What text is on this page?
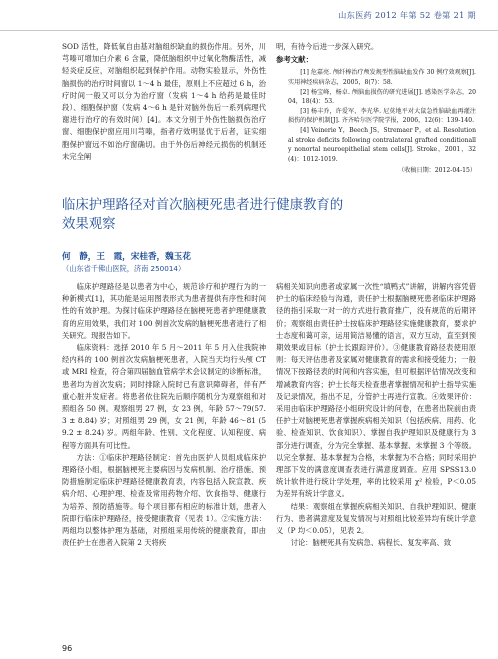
山东医药 2012 年第 52 卷第 21 期

SOD 活性，降低氧自由基对脑组织缺血的损伤作用。另外，川芎嗪可增加白介素 6 含量，降低脑组织中过氧化物酶活性，减轻炎症反应，对脑组织起到保护作用。动物实验显示，外伤性脑损伤的治疗时间窗以 1～4 h 最佳，原则上不应超过 6 h，治疗时间一般又可以分为治疗窗（发病 1～4 h 给药是最佳时段）、细胞保护窗（发病 4～6 h 是针对脑外伤后一系列病理代谢进行治疗的有效时间）[4]。本文分别于外伤性脑损伤治疗窗、细胞保护窗应用川芎嗪，指者疗效明显优于后者，证实细胞保护窗远不如治疗窗确切。由于外伤后神经元损伤的机制还未完全阐

明，有待今后进一步深入研究。

参考文献：

[1] 危嘉亮. 颅纤棒治疗颅发规型性脑缺血发作 30 例疗效观察[J]. 实用神经疾病杂志，2005，8(7)：58.

[2] 杨宝峰，杨卓. 颅脑血损伤的研究进展[J]. 感染医学杂志，2004，18(4)：53.

[3] 杨丰乔，许爱军，李光华. 尼莫地平对大鼠急性脑缺血再灌注损伤的保护机制[J]. 齐齐哈尔医学院学报，2006，12(6)：139-140.

[4] Veinerie Y，Beech JS，Stremaer P，et al. Resolutional stroke deficits following contralateral grafted conditionally nonortal neuroepithelial stem cells[J]. Stroke，2001，32(4)：1012-1019.

（收稿日期：2012-04-15）

临床护理路径对首次脑梗死患者进行健康教育的

效果观察

何　静，王　霞，宋桂香，魏玉花
（山东省千佛山医院，济南 250014）

临床护理路径是以患者为中心，规范诊疗和护理行为的一种新模式[1]，其功能是运用图表形式为患者提供有序性和时间性的有效护理。为探讨临床护理路径在脑梗死患者护理健康教育的应用效果，我们对 100 例首次发病的脑梗死患者进行了相关研究。现报告如下。

临床资料：选择 2010 年 5 月～2011 年 5 月入住我院神经内科的 100 例首次发病脑梗死患者，入院当天均行头颅 CT 或 MRI 检查，符合第四届脑血管病学术会议制定的诊断标准，患者均为首次发病；同时排除入院时已有意识障碍者，伴有严重心脏并发症者。将患者依住院先后顺序随机分为观察组和对照组各 50 例。观察组男 27 例，女 23 例，年龄 57～79(57.3 ± 8.84) 岁；对照组男 29 例，女 21 例，年龄 46～81 (59.2 ± 8.24) 岁。两组年龄、性别、文化程度、认知程度、病程等方面具有可比性。

方法：①临床护理路径制定：首先由医护人员组成临床护理路径小组，根据脑梗死主要病因与发病机制、治疗措施、预防措施制定临床护理路径健康教育表，内容包括入院宣教、疾病介绍、心理护理、检查及常用药物介绍、饮食指导、健康行为培养、预防措施等。每个项目都有相应的标准计划，患者入院即行临床护理路径，接受健康教育（见表 1）。②实施方法：两组均以整体护理为基础，对照组采用传统的健康教育，即由责任护士在患者入院第 2 天将疾

病相关知识向患者或家属一次性“填鸭式”讲解，讲解内容凭借护士的临床经验与沟通，责任护士根据脑梗死患者临床护理路径的指引采取一对一的方式进行教育推广，没有规范的后期评价；观察组由责任护士按临床护理路径实施健康教育，要求护士态度和蔼可亲，运用简洁易懂的语言，双方互动，直至到预期效果或目标（护士长跟踪评价）。③健康教育路径表使用原则：每天评估患者及家属对健康教育的需求和接受能力；一般情况下按路径表的时间和内容实施，但可根据评估情况改变和增减教育内容；护士长每天检查患者掌握情况和护士指导实施及记录情况，指出不足，分管护士再进行宣教。④效果评价：采用由临床护理路径小组研究设计的问卷，在患者出院前由责任护士对脑梗死患者掌握疾病相关知识（包括疾病、用药、化验、检查知识、饮食知识）、掌握自我护理知识及健康行为 3 部分进行调查，分为完全掌握、基本掌握、未掌握 3 个等级。以完全掌握、基本掌握为合格，未掌握为不合格；同时采用护理部下发的满意度调查表进行满意度调查。应用 SPSS13.0 统计软件进行统计学处理，率的比较采用 χ² 检验，P＜0.05 为差异有统计学意义。

结果：观察组在掌握疾病相关知识、自我护理知识、健康行为、患者满意度及复发情况与对照组比较差异均有统计学意义（P 均＜0.05），见表 2。

讨论：脑梗死具有发病急、病程长、复发率高、致

96
